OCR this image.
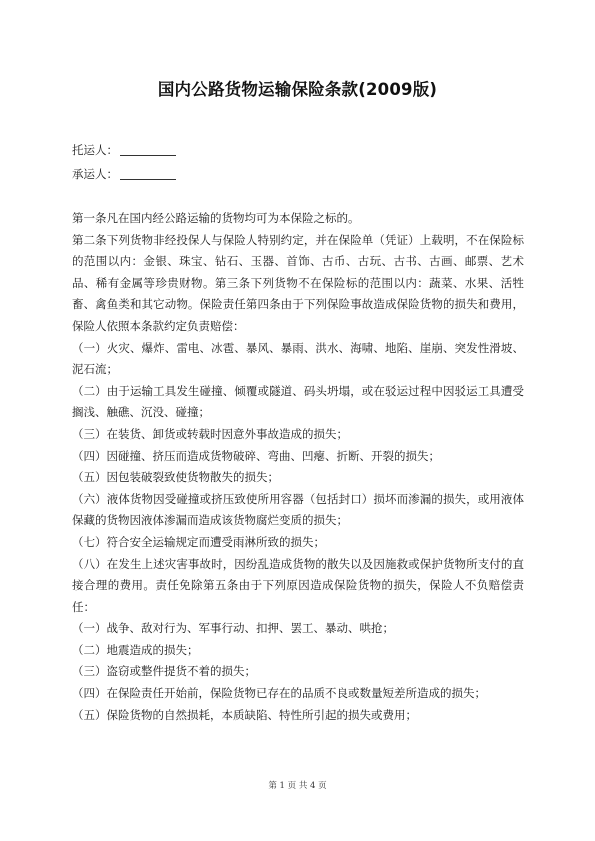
国内公路货物运输保险条款(2009版)
托运人：
承运人：

第一条凡在国内经公路运输的货物均可为本保险之标的。

第二条下列货物非经投保人与保险人特别约定，并在保险单（凭证）上载明，不在保险标的范围以内：金银、珠宝、钻石、玉器、首饰、古币、古玩、古书、古画、邮票、艺术品、稀有金属等珍贵财物。第三条下列货物不在保险标的范围以内：蔬菜、水果、活牲畜、禽鱼类和其它动物。保险责任第四条由于下列保险事故造成保险货物的损失和费用，保险人依照本条款约定负责赔偿：

（一）火灾、爆炸、雷电、冰雹、暴风、暴雨、洪水、海啸、地陷、崖崩、突发性滑坡、泥石流；

（二）由于运输工具发生碰撞、倾覆或隧道、码头坍塌，或在驳运过程中因驳运工具遭受搁浅、触礁、沉没、碰撞；

（三）在装货、卸货或转载时因意外事故造成的损失；

（四）因碰撞、挤压而造成货物破碎、弯曲、凹瘪、折断、开裂的损失；

（五）因包装破裂致使货物散失的损失；

（六）液体货物因受碰撞或挤压致使所用容器（包括封口）损坏而渗漏的损失，或用液体保藏的货物因液体渗漏而造成该货物腐烂变质的损失；

（七）符合安全运输规定而遭受雨淋所致的损失；

（八）在发生上述灾害事故时，因纷乱造成货物的散失以及因施救或保护货物所支付的直接合理的费用。责任免除第五条由于下列原因造成保险货物的损失，保险人不负赔偿责任：

（一）战争、敌对行为、军事行动、扣押、罢工、暴动、哄抢；

（二）地震造成的损失；

（三）盗窃或整件提货不着的损失；

（四）在保险责任开始前，保险货物已存在的品质不良或数量短差所造成的损失；

（五）保险货物的自然损耗，本质缺陷、特性所引起的损失或费用；

第 1 页 共 4 页
